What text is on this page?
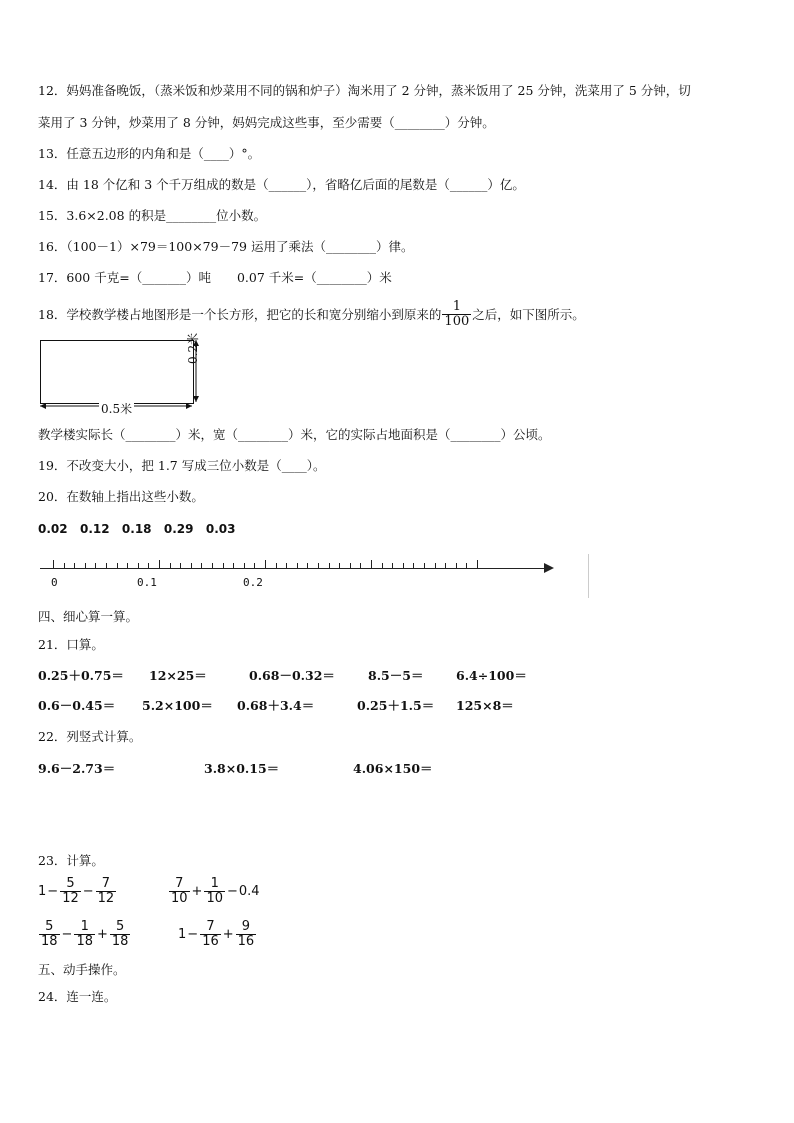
12．妈妈准备晚饭，（蒸米饭和炒菜用不同的锅和炉子）淘米用了 2 分钟，蒸米饭用了 25 分钟，洗菜用了 5 分钟，切
菜用了 3 分钟，炒菜用了 8 分钟，妈妈完成这些事，至少需要（________）分钟。
13．任意五边形的内角和是（____）°。
14．由 18 个亿和 3 个千万组成的数是（______），省略亿后面的尾数是（______）亿。
15．3.6×2.08 的积是________位小数。
16．（100－1）×79＝100×79－79 运用了乘法（________）律。
17．600 千克=（_______）吨 0.07 千米=（________）米
18．学校教学楼占地图形是一个长方形，把它的长和宽分别缩小到原来的 $\frac{1}{100}$ 之后，如下图所示。
0.2米
0.5米
教学楼实际长（________）米，宽（________）米，它的实际占地面积是（________）公顷。
19．不改变大小，把 1.7 写成三位小数是（____）。
20．在数轴上指出这些小数。
0.02  0.12  0.18  0.29  0.03
0	0.1	0.2
四、细心算一算。
21．口算。
0.25＋0.75＝ 12×25＝	0.68－0.32＝	8.5－5＝	6.4÷100＝
0.6－0.45＝ 5.2×100＝ 0.68＋3.4＝	0.25＋1.5＝ 125×8＝
22．列竖式计算。
9.6－2.73＝	3.8×0.15＝	4.06×150＝
23．计算。
$1 - \frac{5}{12} - \frac{7}{12}$	$\frac{7}{10} + \frac{1}{10} - 0.4$
$\frac{5}{18} - \frac{1}{18} + \frac{5}{18}$	$1 - \frac{7}{16} + \frac{9}{16}$
五、动手操作。
24．连一连。
